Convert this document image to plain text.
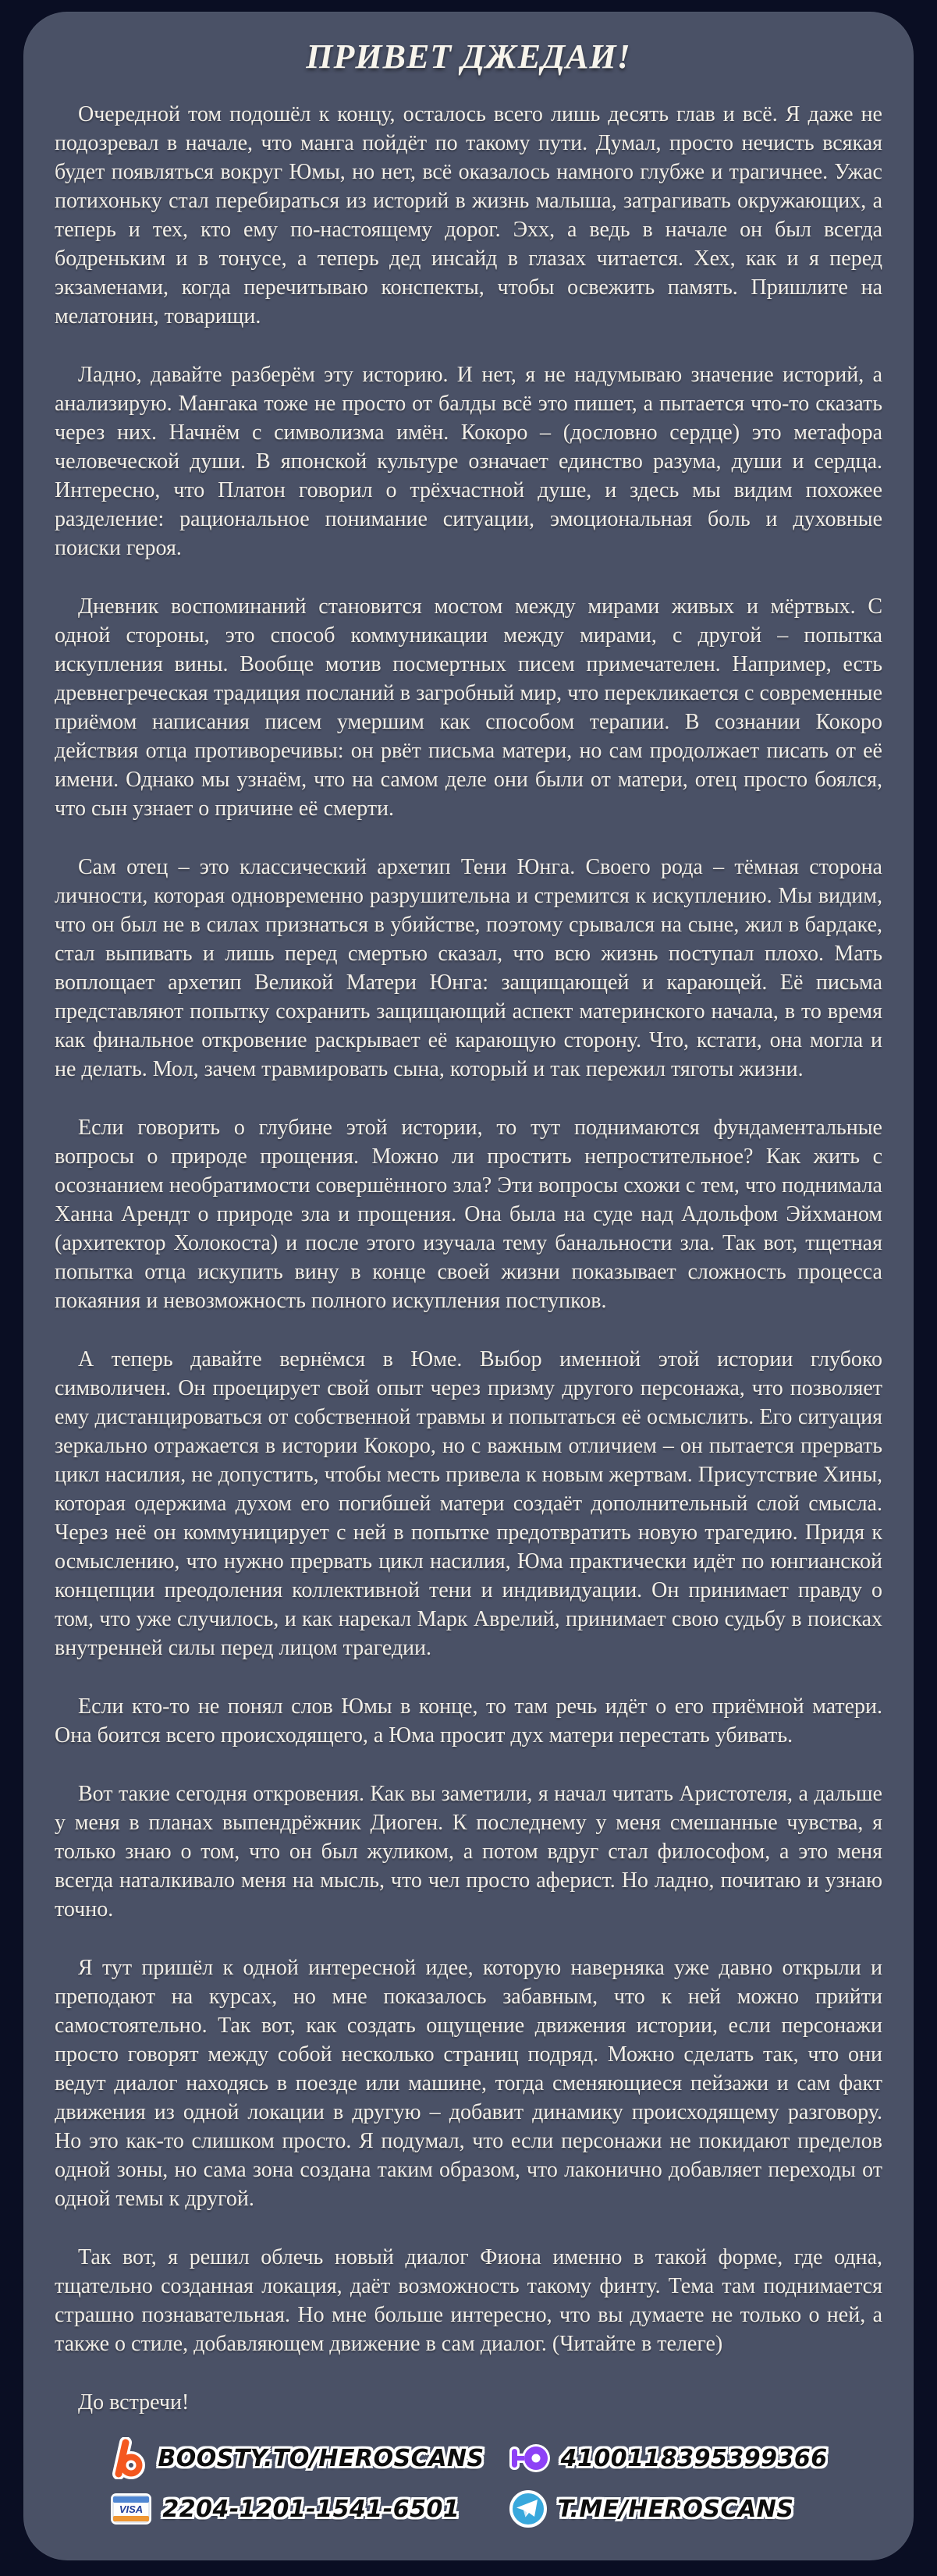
ПРИВЕТ ДЖЕДАИ!

Очередной том подошёл к концу, осталось всего лишь десять глав и всё. Я даже не подозревал в начале, что манга пойдёт по такому пути. Думал, просто нечисть всякая будет появляться вокруг Юмы, но нет, всё оказалось намного глубже и трагичнее. Ужас потихоньку стал перебираться из историй в жизнь малыша, затрагивать окружающих, а теперь и тех, кто ему по-настоящему дорог. Эхх, а ведь в начале он был всегда бодреньким и в тонусе, а теперь дед инсайд в глазах читается. Хех, как и я перед экзаменами, когда перечитываю конспекты, чтобы освежить память. Пришлите на мелатонин, товарищи.

Ладно, давайте разберём эту историю. И нет, я не надумываю значение историй, а анализирую. Мангака тоже не просто от балды всё это пишет, а пытается что-то сказать через них. Начнём с символизма имён. Кокоро – (дословно сердце) это метафора человеческой души. В японской культуре означает единство разума, души и сердца. Интересно, что Платон говорил о трёхчастной душе, и здесь мы видим похожее разделение: рациональное понимание ситуации, эмоциональная боль и духовные поиски героя.

Дневник воспоминаний становится мостом между мирами живых и мёртвых. С одной стороны, это способ коммуникации между мирами, с другой – попытка искупления вины. Вообще мотив посмертных писем примечателен. Например, есть древнегреческая традиция посланий в загробный мир, что перекликается с современные приёмом написания писем умершим как способом терапии. В сознании Кокоро действия отца противоречивы: он рвёт письма матери, но сам продолжает писать от её имени. Однако мы узнаём, что на самом деле они были от матери, отец просто боялся, что сын узнает о причине её смерти.

Сам отец – это классический архетип Тени Юнга. Своего рода – тёмная сторона личности, которая одновременно разрушительна и стремится к искуплению. Мы видим, что он был не в силах признаться в убийстве, поэтому срывался на сыне, жил в бардаке, стал выпивать и лишь перед смертью сказал, что всю жизнь поступал плохо. Мать воплощает архетип Великой Матери Юнга: защищающей и карающей. Её письма представляют попытку сохранить защищающий аспект материнского начала, в то время как финальное откровение раскрывает её карающую сторону. Что, кстати, она могла и не делать. Мол, зачем травмировать сына, который и так пережил тяготы жизни.

Если говорить о глубине этой истории, то тут поднимаются фундаментальные вопросы о природе прощения. Можно ли простить непростительное? Как жить с осознанием необратимости совершённого зла? Эти вопросы схожи с тем, что поднимала Ханна Арендт о природе зла и прощения. Она была на суде над Адольфом Эйхманом (архитектор Холокоста) и после этого изучала тему банальности зла. Так вот, тщетная попытка отца искупить вину в конце своей жизни показывает сложность процесса покаяния и невозможность полного искупления поступков.

А теперь давайте вернёмся в Юме. Выбор именной этой истории глубоко символичен. Он проецирует свой опыт через призму другого персонажа, что позволяет ему дистанцироваться от собственной травмы и попытаться её осмыслить. Его ситуация зеркально отражается в истории Кокоро, но с важным отличием – он пытается прервать цикл насилия, не допустить, чтобы месть привела к новым жертвам. Присутствие Хины, которая одержима духом его погибшей матери создаёт дополнительный слой смысла. Через неё он коммуницирует с ней в попытке предотвратить новую трагедию. Придя к осмыслению, что нужно прервать цикл насилия, Юма практически идёт по юнгианской концепции преодоления коллективной тени и индивидуации. Он принимает правду о том, что уже случилось, и как нарекал Марк Аврелий, принимает свою судьбу в поисках внутренней силы перед лицом трагедии.

Если кто-то не понял слов Юмы в конце, то там речь идёт о его приёмной матери. Она боится всего происходящего, а Юма просит дух матери перестать убивать.

Вот такие сегодня откровения. Как вы заметили, я начал читать Аристотеля, а дальше у меня в планах выпендрёжник Диоген. К последнему у меня смешанные чувства, я только знаю о том, что он был жуликом, а потом вдруг стал философом, а это меня всегда наталкивало меня на мысль, что чел просто аферист. Но ладно, почитаю и узнаю точно.

Я тут пришёл к одной интересной идее, которую наверняка уже давно открыли и преподают на курсах, но мне показалось забавным, что к ней можно прийти самостоятельно. Так вот, как создать ощущение движения истории, если персонажи просто говорят между собой несколько страниц подряд. Можно сделать так, что они ведут диалог находясь в поезде или машине, тогда сменяющиеся пейзажи и сам факт движения из одной локации в другую – добавит динамику происходящему разговору. Но это как-то слишком просто. Я подумал, что если персонажи не покидают пределов одной зоны, но сама зона создана таким образом, что лаконично добавляет переходы от одной темы к другой.

Так вот, я решил облечь новый диалог Фиона именно в такой форме, где одна, тщательно созданная локация, даёт возможность такому финту. Тема там поднимается страшно познавательная. Но мне больше интересно, что вы думаете не только о ней, а также о стиле, добавляющем движение в сам диалог. (Читайте в телеге)

До встречи!

BOOSTY.TO/HEROSCANS	4100118395399366
VISA 2204-1201-1541-6501	T.ME/HEROSCANS
